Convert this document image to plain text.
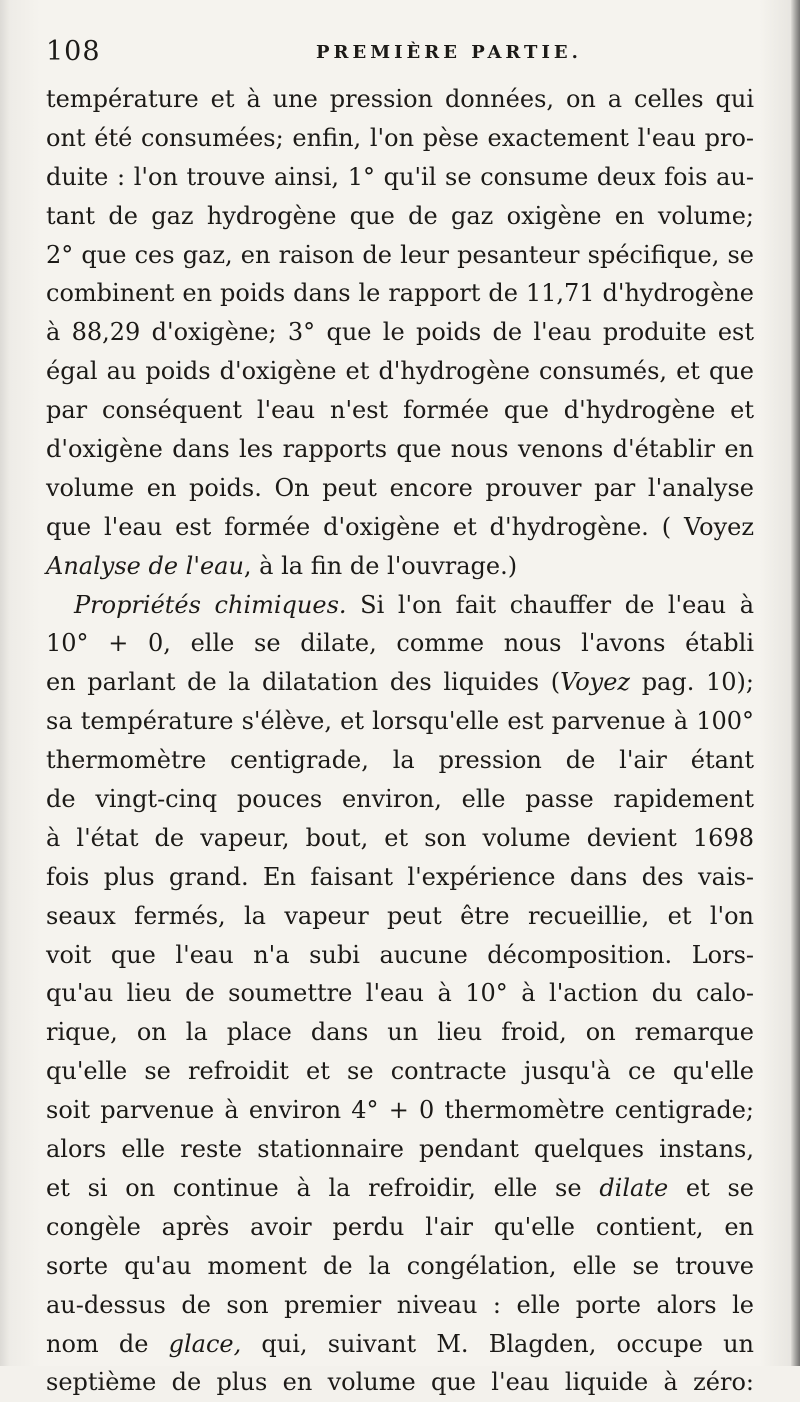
108	PREMIÈRE PARTIE.
température et à une pression données, on a celles qui
ont été consumées; enfin, l'on pèse exactement l'eau pro-
duite : l'on trouve ainsi, 1° qu'il se consume deux fois au-
tant de gaz hydrogène que de gaz oxigène en volume;
2° que ces gaz, en raison de leur pesanteur spécifique, se
combinent en poids dans le rapport de 11,71 d'hydrogène
à 88,29 d'oxigène; 3° que le poids de l'eau produite est
égal au poids d'oxigène et d'hydrogène consumés, et que
par conséquent l'eau n'est formée que d'hydrogène et
d'oxigène dans les rapports que nous venons d'établir en
volume en poids. On peut encore prouver par l'analyse
que l'eau est formée d'oxigène et d'hydrogène. ( Voyez
Analyse de l'eau, à la fin de l'ouvrage.)
Propriétés chimiques. Si l'on fait chauffer de l'eau à
10° + 0, elle se dilate, comme nous l'avons établi
en parlant de la dilatation des liquides (Voyez pag. 10);
sa température s'élève, et lorsqu'elle est parvenue à 100°
thermomètre centigrade, la pression de l'air étant
de vingt-cinq pouces environ, elle passe rapidement
à l'état de vapeur, bout, et son volume devient 1698
fois plus grand. En faisant l'expérience dans des vais-
seaux fermés, la vapeur peut être recueillie, et l'on
voit que l'eau n'a subi aucune décomposition. Lors-
qu'au lieu de soumettre l'eau à 10° à l'action du calo-
rique, on la place dans un lieu froid, on remarque
qu'elle se refroidit et se contracte jusqu'à ce qu'elle
soit parvenue à environ 4° + 0 thermomètre centigrade;
alors elle reste stationnaire pendant quelques instans,
et si on continue à la refroidir, elle se dilate et se
congèle après avoir perdu l'air qu'elle contient, en
sorte qu'au moment de la congélation, elle se trouve
au-dessus de son premier niveau : elle porte alors le
nom de glace, qui, suivant M. Blagden, occupe un
septième de plus en volume que l'eau liquide à zéro:
